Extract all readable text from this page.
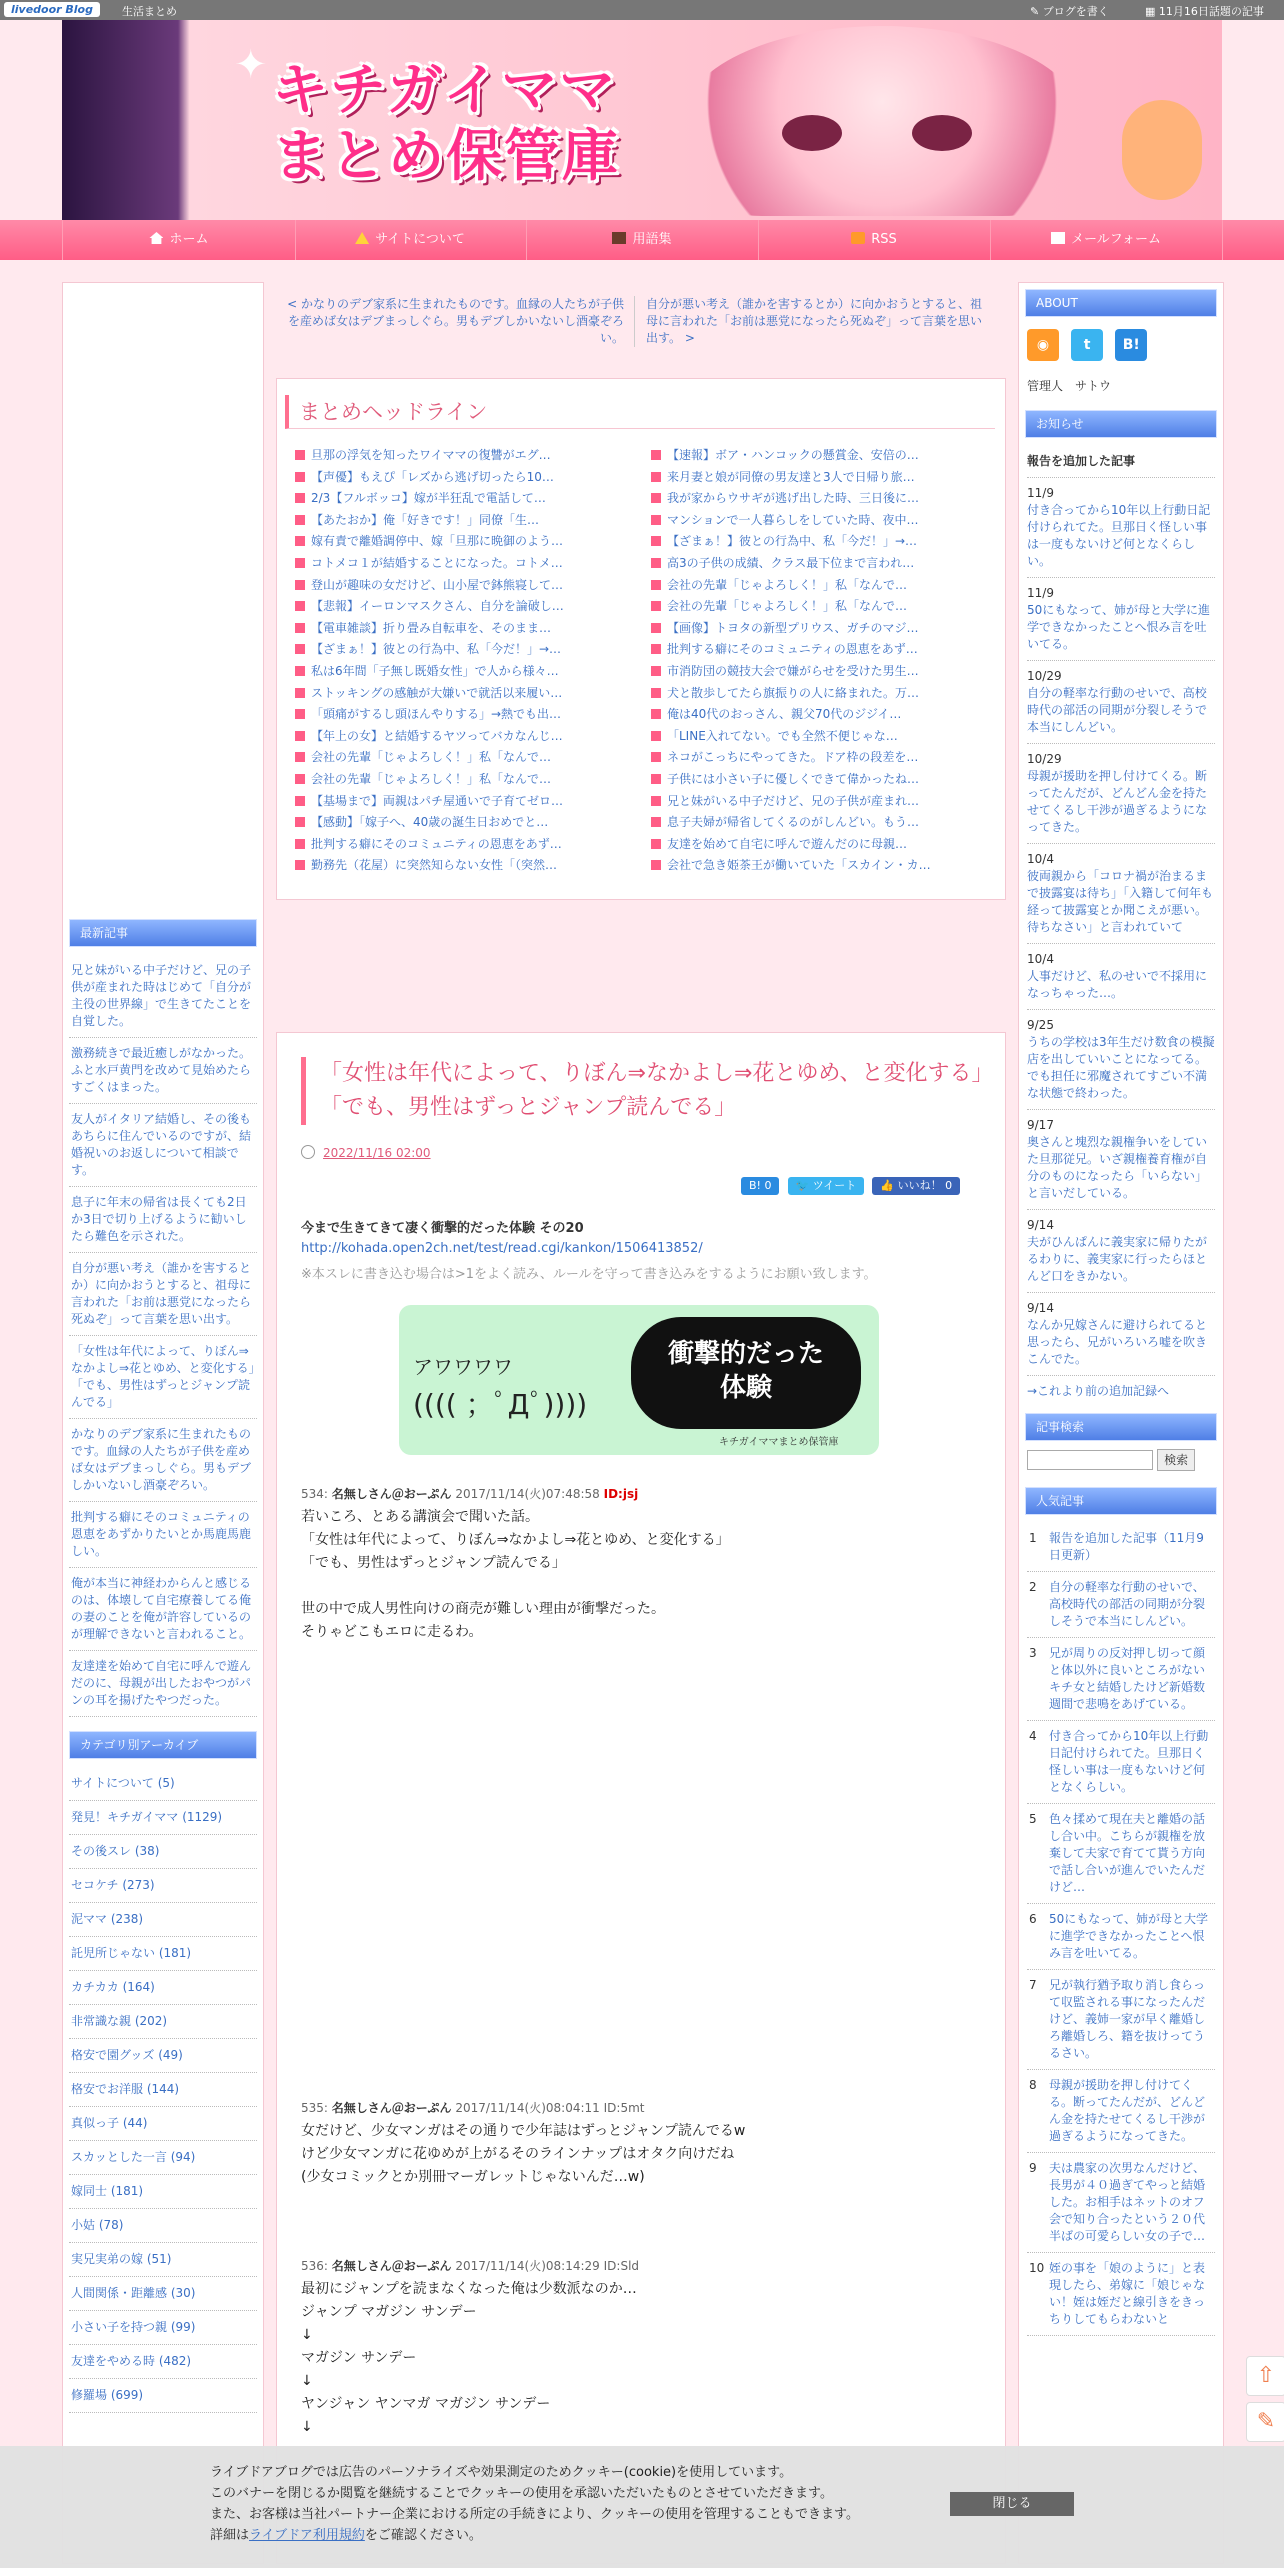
livedoor Blog	生活まとめ	✎ ブログを書く	▦ 11月16日話題の記事
✦ キチガイママ
まとめ保管庫
ホーム	サイトについて	用語集	RSS	メールフォーム
最新記事
兄と妹がいる中子だけど、兄の子供が産まれた時はじめて「自分が主役の世界線」で生きてたことを自覚した。
激務続きで最近癒しがなかった。ふと水戸黄門を改めて見始めたらすごくはまった。
友人がイタリア結婚し、その後もあちらに住んでいるのですが、結婚祝いのお返しについて相談です。
息子に年末の帰省は長くても2日か3日で切り上げるように勧いしたら難色を示された。
自分が悪い考え（誰かを害するとか）に向かおうとすると、祖母に言われた「お前は悪党になったら死ぬぞ」って言葉を思い出す。
「女性は年代によって、りぼん⇒なかよし⇒花とゆめ、と変化する」「でも、男性はずっとジャンプ読んでる」
かなりのデブ家系に生まれたものです。血縁の人たちが子供を産めば女はデブまっしぐら。男もデブしかいないし酒豪ぞろい。
批判する癖にそのコミュニティの恩恵をあずかりたいとか馬鹿馬鹿しい。
俺が本当に神経わからんと感じるのは、体壊して自宅療養してる俺の妻のことを俺が許容しているのが理解できないと言われること。
友達達を始めて自宅に呼んで遊んだのに、母親が出したおやつがパンの耳を揚げたやつだった。
カテゴリ別アーカイブ
サイトについて (5)
発見！キチガイママ (1129)
その後スレ (38)
セコケチ (273)
泥ママ (238)
託児所じゃない (181)
カチカカ (164)
非常識な親 (202)
格安で園グッズ (49)
格安でお洋服 (144)
真似っ子 (44)
スカッとした一言 (94)
嫁同士 (181)
小姑 (78)
実兄実弟の嫁 (51)
人間関係・距離感 (30)
小さい子を持つ親 (99)
友達をやめる時 (482)
修羅場 (699)
< かなりのデブ家系に生まれたものです。血縁の人たちが子供を産めば女はデブまっしぐら。男もデブしかいないし酒豪ぞろい。
自分が悪い考え（誰かを害するとか）に向かおうとすると、祖母に言われた「お前は悪党になったら死ぬぞ」って言葉を思い出す。 >
まとめヘッドライン
旦那の浮気を知ったワイママの復讐がエグ…
【声優】もえぴ「レズから逃げ切ったら10…
2/3【フルボッコ】嫁が半狂乱で電話して…
【あたおか】俺「好きです！」同僚「生…
嫁有責で離婚調停中、嫁「旦那に晩御のよう…
コトメコ１が結婚することになった。コトメ…
登山が趣味の女だけど、山小屋で鉢熊寝して…
【悲報】イーロンマスクさん、自分を論破し…
【電車雑談】折り畳み自転車を、そのまま…
【ざまぁ！】彼との行為中、私「今だ！」→…
私は6年間「子無し既婚女性」で人から様々…
ストッキングの感触が大嫌いで就活以来履い…
「頭痛がするし頭ほんやりする」→熱でも出…
【年上の女】と結婚するヤツってバカなんじ…
会社の先輩「じゃよろしく！」私「なんで…
会社の先輩「じゃよろしく！」私「なんで…
【基場まで】両親はパチ屋通いで子育てゼロ…
【感動】「嫁子へ、40歳の誕生日おめでと…
批判する癖にそのコミュニティの恩恵をあず…
勤務先（花屋）に突然知らない女性「（突然…
【速報】ボア・ハンコックの懸賞金、安倍の…
来月妻と娘が同僚の男友達と3人で日帰り旅…
我が家からウサギが逃げ出した時、三日後に…
マンションで一人暮らしをしていた時、夜中…
【ざまぁ！】彼との行為中、私「今だ！」→…
高3の子供の成績、クラス最下位まで言われ…
会社の先輩「じゃよろしく！」私「なんで…
会社の先輩「じゃよろしく！」私「なんで…
【画像】トヨタの新型プリウス、ガチのマジ…
批判する癖にそのコミュニティの恩恵をあず…
市消防団の競技大会で嫌がらせを受けた男生…
犬と散歩してたら旗振りの人に絡まれた。万…
俺は40代のおっさん、親父70代のジジイ…
「LINE入れてない。でも全然不便じゃな…
ネコがこっちにやってきた。ドア枠の段差を…
子供には小さい子に優しくできて偉かったね…
兄と妹がいる中子だけど、兄の子供が産まれ…
息子夫婦が帰省してくるのがしんどい。もう…
友達を始めて自宅に呼んで遊んだのに母親…
会社で急き姫茶王が働いていた「スカイン・カ…
「女性は年代によって、りぼん⇒なかよし⇒花とゆめ、と変化する」「でも、男性はずっとジャンプ読んでる」
2022/11/16 02:00
B! 0 🐦 ツイート 👍 いいね！ 0
今まで生きてきて凄く衝撃的だった体験 その20
http://kohada.open2ch.net/test/read.cgi/kankon/1506413852/
※本スレに書き込む場合は>1をよく読み、ルールを守って書き込みをするようにお願い致します。
アワワワワ
(((( ；ﾟДﾟ))))
衝撃的だった
体験
キチガイママまとめ保管庫
534: 名無しさん＠おーぷん 2017/11/14(火)07:48:58 ID:jsj
若いころ、とある講演会で聞いた話。
「女性は年代によって、りぼん⇒なかよし⇒花とゆめ、と変化する」
「でも、男性はずっとジャンプ読んでる」

世の中で成人男性向けの商売が難しい理由が衝撃だった。
そりゃどこもエロに走るわ。
535: 名無しさん＠おーぷん 2017/11/14(火)08:04:11 ID:5mt
女だけど、少女マンガはその通りで少年誌はずっとジャンプ読んでるw
けど少女マンガに花ゆめが上がるそのラインナップはオタク向けだね
(少女コミックとか別冊マーガレットじゃないんだ…w)
536: 名無しさん＠おーぷん 2017/11/14(火)08:14:29 ID:Sld
最初にジャンプを読まなくなった俺は少数派なのか…
ジャンプ マガジン サンデー
↓
マガジン サンデー
↓
ヤンジャン ヤンマガ マガジン サンデー
↓
ABOUT
◉ t B!
管理人　サトウ
お知らせ
報告を追加した記事
11/9
付き合ってから10年以上行動日記付けられてた。旦那日く怪しい事は一度もないけど何となくらしい。
11/9
50にもなって、姉が母と大学に進学できなかったことへ恨み言を吐いてる。
10/29
自分の軽率な行動のせいで、高校時代の部活の同期が分裂しそうで本当にしんどい。
10/29
母親が援助を押し付けてくる。断ってたんだが、どんどん金を持たせてくるし干渉が過ぎるようになってきた。
10/4
彼両親から「コロナ禍が治まるまで披露宴は待ち」「入籍して何年も経って披露宴とか聞こえが悪い。待ちなさい」と言われていて
10/4
人事だけど、私のせいで不採用になっちゃった…。
9/25
うちの学校は3年生だけ数食の模擬店を出していいことになってる。でも担任に邪魔されてすごい不満な状態で終わった。
9/17
奥さんと塊烈な親権争いをしていた旦那従兄。いざ親権養育権が自分のものになったら「いらない」と言いだしている。
9/14
夫がひんぱんに義実家に帰りたがるわりに、義実家に行ったらほとんど口をきかない。
9/14
なんか兄嫁さんに避けられてると思ったら、兄がいろいろ嘘を吹きこんでた。
→これより前の追加記録へ
記事検索
検索
人気記事
1 報告を追加した記事（11月9日更新）
2 自分の軽率な行動のせいで、高校時代の部活の同期が分裂しそうで本当にしんどい。
3 兄が周りの反対押し切って顔と体以外に良いところがないキチ女と結婚したけど新婚数週間で悲鳴をあげている。
4 付き合ってから10年以上行動日記付けられてた。旦那日く怪しい事は一度もないけど何となくらしい。
5 色々揉めて現在夫と離婚の話し合い中。こちらが親権を放棄して夫家で育てて貰う方向で話し合いが進んでいたんだけど…
6 50にもなって、姉が母と大学に進学できなかったことへ恨み言を吐いてる。
7 兄が執行猶予取り消し食らって収監される事になったんだけど、義姉一家が早く離婚しろ離婚しろ、籍を抜けってうるさい。
8 母親が援助を押し付けてくる。断ってたんだが、どんどん金を持たせてくるし干渉が過ぎるようになってきた。
9 夫は農家の次男なんだけど、長男が４０過ぎてやっと結婚した。お相手はネットのオフ会で知り合ったという２０代半ばの可愛らしい女の子で…
10 姪の事を「娘のように」と表現したら、弟嫁に「娘じゃない！姪は姪だと線引きをきっちりしてもらわないと
⇧
✎
ライブドアブログでは広告のパーソナライズや効果測定のためクッキー(cookie)を使用しています。
このバナーを閉じるか閲覧を継続することでクッキーの使用を承認いただいたものとさせていただきます。
また、お客様は当社パートナー企業における所定の手続きにより、クッキーの使用を管理することもできます。
詳細はライブドア利用規約をご確認ください。
閉じる
